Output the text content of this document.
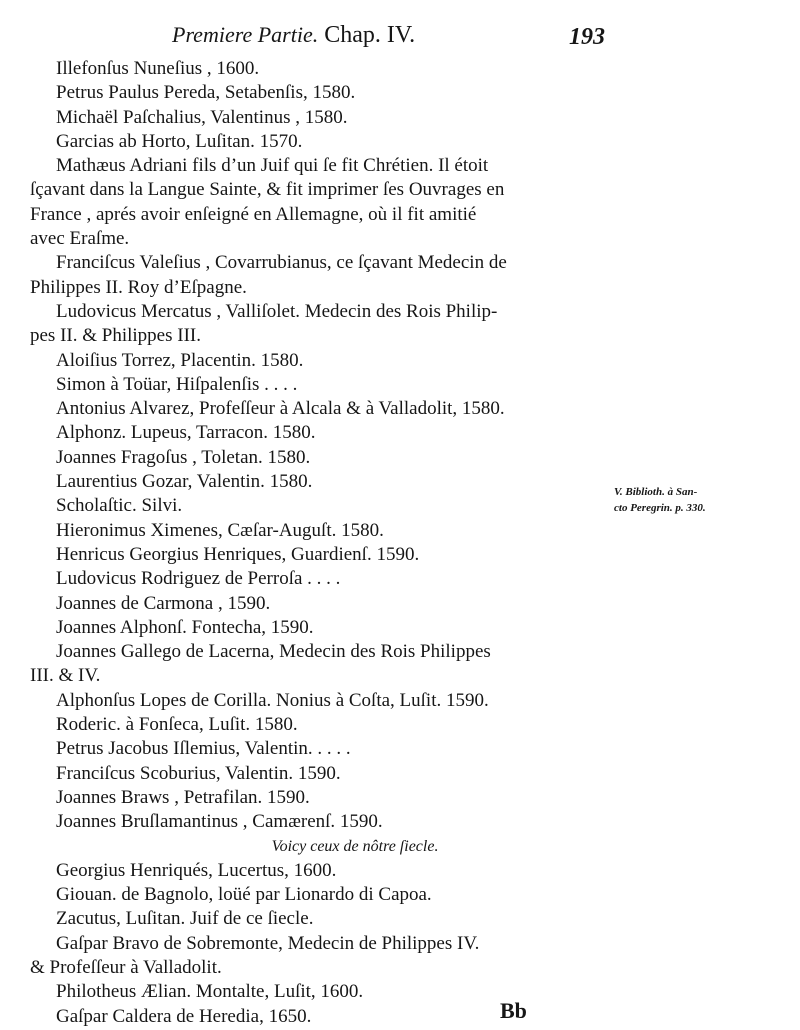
Premiere Partie. Chap. IV.	193
Illefonſus Nuneſius , 1600.
Petrus Paulus Pereda, Setabenſis, 1580.
Michaël Paſchalius, Valentinus , 1580.
Garcias ab Horto, Luſitan. 1570.
Mathæus Adriani fils d’un Juif qui ſe fit Chrétien. Il étoit
ſçavant dans la Langue Sainte, & fit imprimer ſes Ouvrages en
France , aprés avoir enſeigné en Allemagne, où il fit amitié
avec Eraſme.
Franciſcus Valeſius , Covarrubianus, ce ſçavant Medecin de
Philippes II. Roy d’Eſpagne.
Ludovicus Mercatus , Valliſolet. Medecin des Rois Philip-
pes II. & Philippes III.
Aloiſius Torrez, Placentin. 1580.
Simon à Toüar, Hiſpalenſis . . . .
Antonius Alvarez, Profeſſeur à Alcala & à Valladolit, 1580.
Alphonz. Lupeus, Tarracon. 1580.
Joannes Fragoſus , Toletan. 1580.
Laurentius Gozar, Valentin. 1580.
Scholaſtic. Silvi.
Hieronimus Ximenes, Cæſar-Auguſt. 1580.
Henricus Georgius Henriques, Guardienſ. 1590.
Ludovicus Rodriguez de Perroſa . . . .
Joannes de Carmona , 1590.
Joannes Alphonſ. Fontecha, 1590.
Joannes Gallego de Lacerna, Medecin des Rois Philippes
III. & IV.
Alphonſus Lopes de Corilla. Nonius à Coſta, Luſit. 1590.
Roderic. à Fonſeca, Luſit. 1580.
Petrus Jacobus Iſlemius, Valentin. . . . .
Franciſcus Scoburius, Valentin. 1590.
Joannes Braws , Petrafilan. 1590.
Joannes Bruſlamantinus , Camærenſ. 1590.
Voicy ceux de nôtre ſiecle.
Georgius Henriqués, Lucertus, 1600.
Giouan. de Bagnolo, loüé par Lionardo di Capoa.
Zacutus, Luſitan. Juif de ce ſiecle.
Gaſpar Bravo de Sobremonte, Medecin de Philippes IV.
& Profeſſeur à Valladolit.
Philotheus Ælian. Montalte, Luſit, 1600.
Gaſpar Caldera de Heredia, 1650.
V. Biblioth. à San-
cto Peregrin. p. 330.
Bb
